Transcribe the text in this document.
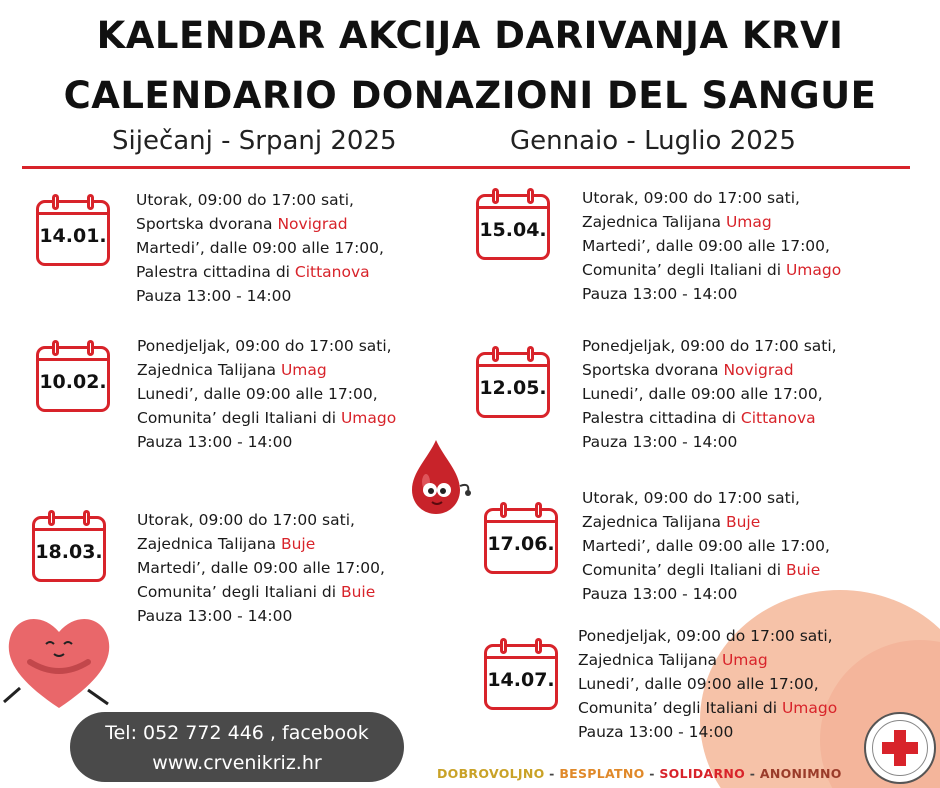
KALENDAR AKCIJA DARIVANJA KRVI
CALENDARIO DONAZIONI DEL SANGUE
Siječanj - Srpanj 2025	Gennaio - Luglio 2025
14.01.
Utorak, 09:00 do 17:00 sati,
Sportska dvorana Novigrad
Martedi’, dalle 09:00 alle 17:00,
Palestra cittadina di Cittanova
Pauza 13:00 - 14:00
10.02.
Ponedjeljak, 09:00 do 17:00 sati,
Zajednica Talijana Umag
Lunedi’, dalle 09:00 alle 17:00,
Comunita’ degli Italiani di Umago
Pauza 13:00 - 14:00
18.03.
Utorak, 09:00 do 17:00 sati,
Zajednica Talijana Buje
Martedi’, dalle 09:00 alle 17:00,
Comunita’ degli Italiani di Buie
Pauza 13:00 - 14:00
15.04.
Utorak, 09:00 do 17:00 sati,
Zajednica Talijana Umag
Martedi’, dalle 09:00 alle 17:00,
Comunita’ degli Italiani di Umago
Pauza 13:00 - 14:00
12.05.
Ponedjeljak, 09:00 do 17:00 sati,
Sportska dvorana Novigrad
Lunedi’, dalle 09:00 alle 17:00,
Palestra cittadina di Cittanova
Pauza 13:00 - 14:00
17.06.
Utorak, 09:00 do 17:00 sati,
Zajednica Talijana Buje
Martedi’, dalle 09:00 alle 17:00,
Comunita’ degli Italiani di Buie
Pauza 13:00 - 14:00
14.07.
Ponedjeljak, 09:00 do 17:00 sati,
Zajednica Talijana Umag
Lunedi’, dalle 09:00 alle 17:00,
Comunita’ degli Italiani di Umago
Pauza 13:00 - 14:00
Tel: 052 772 446 , facebook
www.crvenikriz.hr	DOBROVOLJNO - BESPLATNO - SOLIDARNO - ANONIMNO
